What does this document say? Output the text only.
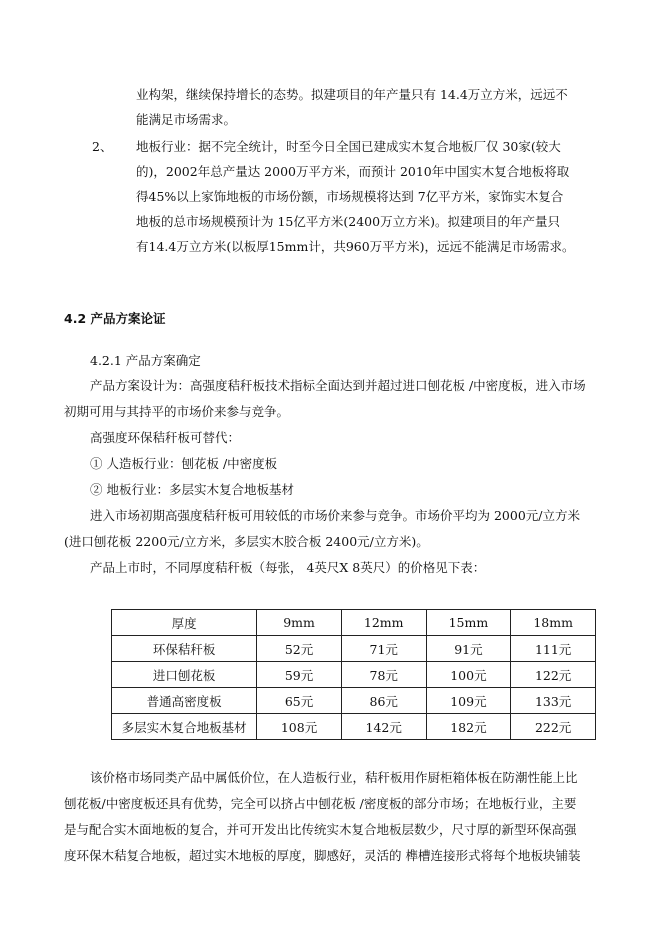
业构架，继续保持增长的态势。拟建项目的年产量只有 14.4万立方米，远远不
能满足市场需求。
2、 地板行业：据不完全统计，时至今日全国已建成实木复合地板厂仅 30家(较大
的)，2002年总产量达 2000万平方米，而预计 2010年中国实木复合地板将取
得45%以上家饰地板的市场份额，市场规模将达到 7亿平方米，家饰实木复合
地板的总市场规模预计为 15亿平方米(2400万立方米)。拟建项目的年产量只
有14.4万立方米(以板厚15mm计，共960万平方米)，远远不能满足市场需求。
4.2 产品方案论证
4.2.1 产品方案确定
产品方案设计为：高强度秸秆板技术指标全面达到并超过进口刨花板 /中密度板，进入市场
初期可用与其持平的市场价来参与竞争。
高强度环保秸秆板可替代：
① 人造板行业：刨花板 /中密度板
② 地板行业：多层实木复合地板基材
进入市场初期高强度秸秆板可用较低的市场价来参与竞争。市场价平均为 2000元/立方米
(进口刨花板 2200元/立方米，多层实木胶合板 2400元/立方米)。
产品上市时，不同厚度秸秆板（每张， 4英尺X 8英尺）的价格见下表：
厚度	9mm	12mm	15mm	18mm
环保秸秆板	52元	71元	91元	111元
进口刨花板	59元	78元	100元	122元
普通高密度板	65元	86元	109元	133元
多层实木复合地板基材	108元	142元	182元	222元
该价格市场同类产品中属低价位，在人造板行业，秸秆板用作厨柜箱体板在防潮性能上比
刨花板/中密度板还具有优势，完全可以挤占中刨花板 /密度板的部分市场；在地板行业，主要
是与配合实木面地板的复合，并可开发出比传统实木复合地板层数少，尺寸厚的新型环保高强
度环保木秸复合地板，超过实木地板的厚度，脚感好，灵活的 榫槽连接形式将每个地板块铺装
